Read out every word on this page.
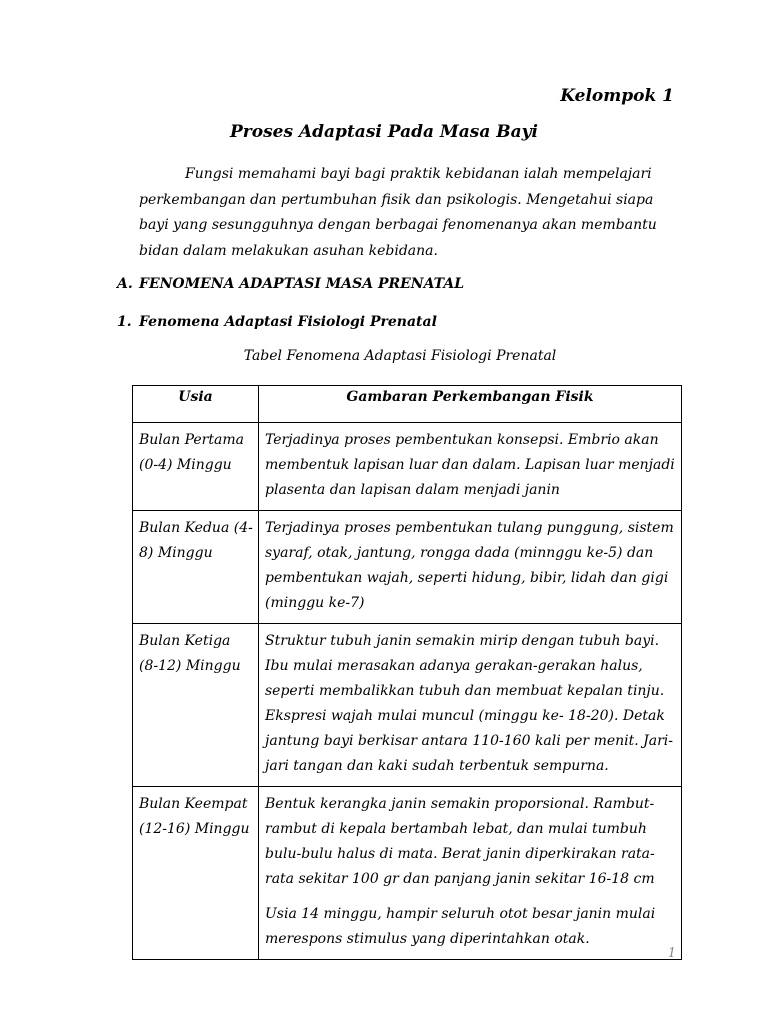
Kelompok 1
Proses Adaptasi Pada Masa Bayi

Fungsi memahami bayi bagi praktik kebidanan ialah mempelajari perkembangan dan pertumbuhan fisik dan psikologis. Mengetahui siapa bayi yang sesungguhnya dengan berbagai fenomenanya akan membantu bidan dalam melakukan asuhan kebidana.

A. FENOMENA ADAPTASI MASA PRENATAL
1. Fenomena Adaptasi Fisiologi Prenatal
Tabel Fenomena Adaptasi Fisiologi Prenatal
Usia	Gambaran Perkembangan Fisik
Bulan Pertama (0-4) Minggu	Terjadinya proses pembentukan konsepsi. Embrio akan membentuk lapisan luar dan dalam. Lapisan luar menjadi plasenta dan lapisan dalam menjadi janin

Bulan Kedua (4-8) Minggu	Terjadinya proses pembentukan tulang punggung, sistem syaraf, otak, jantung, rongga dada (minnggu ke-5) dan pembentukan wajah, seperti hidung, bibir, lidah dan gigi (minggu ke-7)

Bulan Ketiga (8-12) Minggu	Struktur tubuh janin semakin mirip dengan tubuh bayi. Ibu mulai merasakan adanya gerakan-gerakan halus, seperti membalikkan tubuh dan membuat kepalan tinju. Ekspresi wajah mulai muncul (minggu ke- 18-20). Detak jantung bayi berkisar antara 110-160 kali per menit. Jari-jari tangan dan kaki sudah terbentuk sempurna.

Bulan Keempat (12-16) Minggu	Bentuk kerangka janin semakin proporsional. Rambut-rambut di kepala bertambah lebat, dan mulai tumbuh bulu-bulu halus di mata. Berat janin diperkirakan rata-rata sekitar 100 gr dan panjang janin sekitar 16-18 cm

Usia 14 minggu, hampir seluruh otot besar janin mulai merespons stimulus yang diperintahkan otak.

1
